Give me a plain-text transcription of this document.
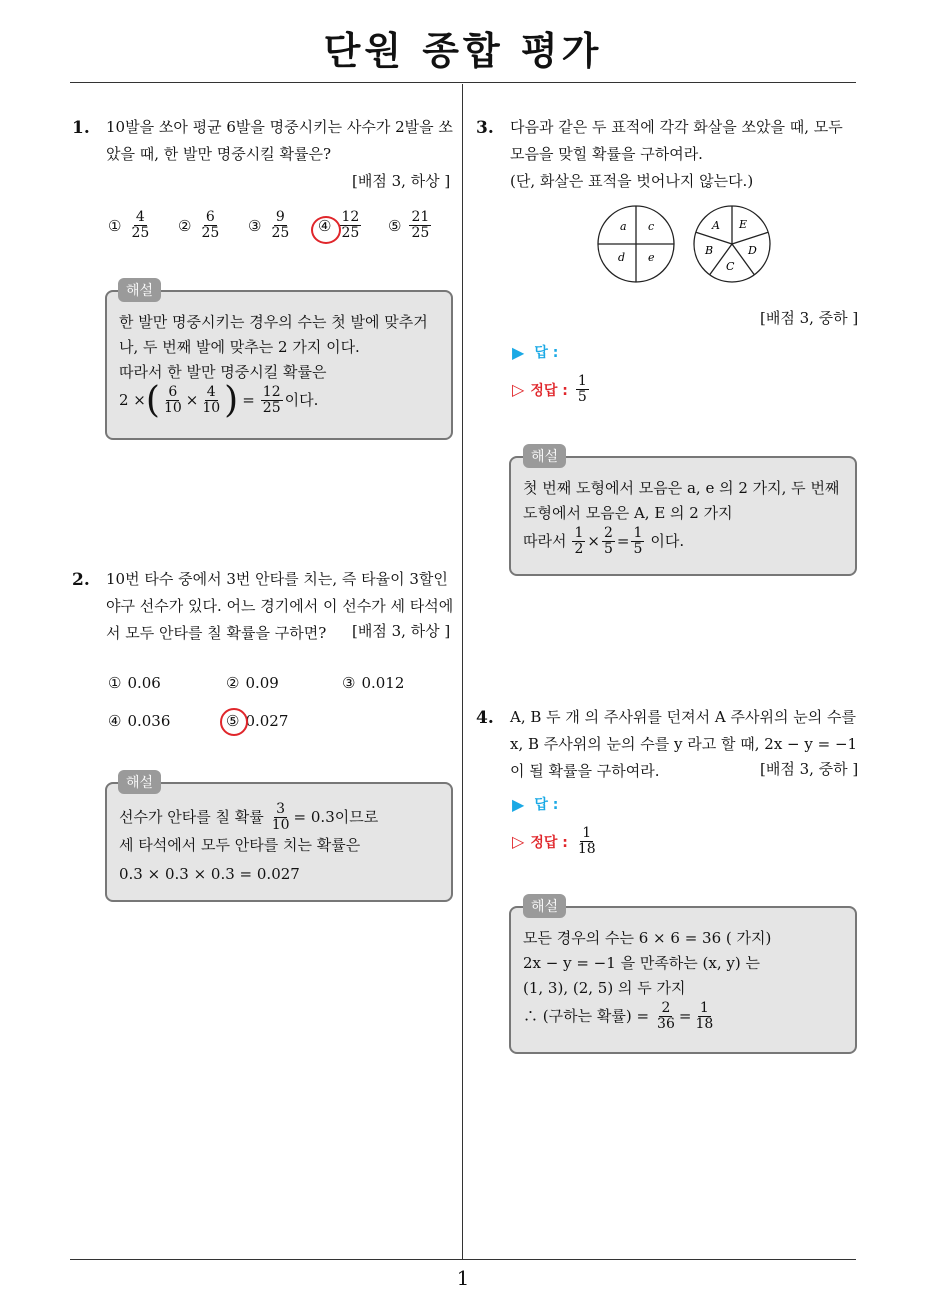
단원 종합 평가
1
1. 10발을 쏘아 평균 6발을 명중시키는 사수가 2발을 쏘
았을 때, 한 발만 명중시킬 확률은?
[배점 3, 하상 ]
① $\frac{4}{25}$ ② $\frac{6}{25}$ ③ $\frac{9}{25}$ ④ $\frac{12}{25}$ ⑤ $\frac{21}{25}$
한 발만 명중시키는 경우의 수는 첫 발에 맞추거
나, 두 번째 발에 맞추는 2 가지 이다.
따라서 한 발만 명중시킬 확률은
2 × ( $\frac{6}{10} \times \frac{4}{10}$ ) = $\frac{12}{25}$ 이다.
해설
2. 10번 타수 중에서 3번 안타를 치는, 즉 타율이 3할인
야구 선수가 있다. 어느 경기에서 이 선수가 세 타석에
서 모두 안타를 칠 확률을 구하면?	[배점 3, 하상 ]
① 0.06	② 0.09	③ 0.012
④ 0.036	⑤ 0.027
선수가 안타를 칠 확률 $\frac{3}{10} = 0.3$이므로
세 타석에서 모두 안타를 치는 확률은
0.3 × 0.3 × 0.3 = 0.027
해설
3. 다음과 같은 두 표적에 각각 화살을 쏘았을 때, 모두
모음을 맞힐 확률을 구하여라.
(단, 화살은 표적을 벗어나지 않는다.)
a c
d e
A E
D
C
B
[배점 3, 중하 ]
▶ 답 :
▷ 정답 : $\frac{1}{5}$
첫 번째 도형에서 모음은 a, e 의 2 가지, 두 번째
도형에서 모음은 A, E 의 2 가지
따라서 $\frac{1}{2} \times \frac{2}{5} = \frac{1}{5}$ 이다.
해설
4. A, B 두 개 의 주사위를 던져서 A 주사위의 눈의 수를
x, B 주사위의 눈의 수를 y 라고 할 때, 2x − y = −1
이 될 확률을 구하여라.	[배점 3, 중하 ]
▶ 답 :
▷ 정답 : $\frac{1}{18}$
모든 경우의 수는 6 × 6 = 36 ( 가지)
2x − y = −1 을 만족하는 (x, y) 는
(1, 3), (2, 5) 의 두 가지
∴ (구하는 확률) = $\frac{2}{36} = \frac{1}{18}$
해설
